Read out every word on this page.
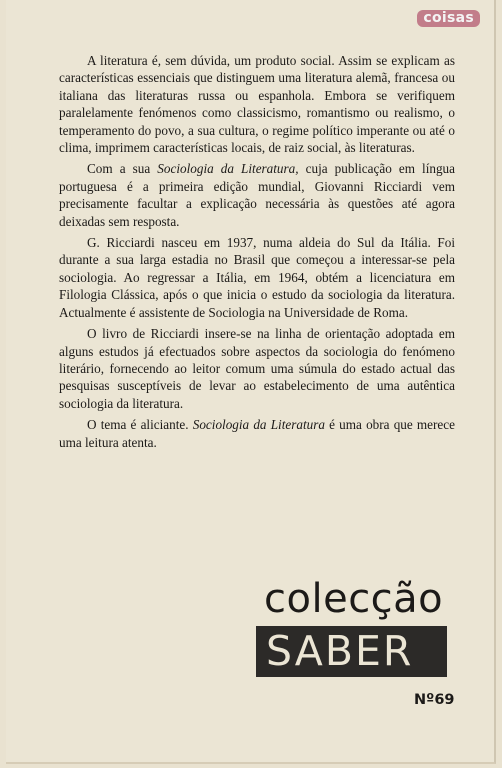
coisas

A literatura é, sem dúvida, um produto social. Assim se explicam as características essenciais que distinguem uma literatura alemã, francesa ou italiana das literaturas russa ou espanhola. Embora se verifiquem paralelamente fenómenos como classicismo, romantismo ou realismo, o temperamento do povo, a sua cultura, o regime político imperante ou até o clima, imprimem características locais, de raiz social, às literaturas.

Com a sua Sociologia da Literatura, cuja publicação em língua portuguesa é a primeira edição mundial, Giovanni Ricciardi vem precisamente facultar a explicação necessária às questões até agora deixadas sem resposta.

G. Ricciardi nasceu em 1937, numa aldeia do Sul da Itália. Foi durante a sua larga estadia no Brasil que começou a interessar-se pela sociologia. Ao regressar a Itália, em 1964, obtém a licenciatura em Filologia Clássica, após o que inicia o estudo da sociologia da literatura. Actualmente é assistente de Sociologia na Universidade de Roma.

O livro de Ricciardi insere-se na linha de orientação adoptada em alguns estudos já efectuados sobre aspectos da sociologia do fenómeno literário, fornecendo ao leitor comum uma súmula do estado actual das pesquisas susceptíveis de levar ao estabelecimento de uma autêntica sociologia da literatura.

O tema é aliciante. Sociologia da Literatura é uma obra que merece uma leitura atenta.

colecção
SABER
Nº69
